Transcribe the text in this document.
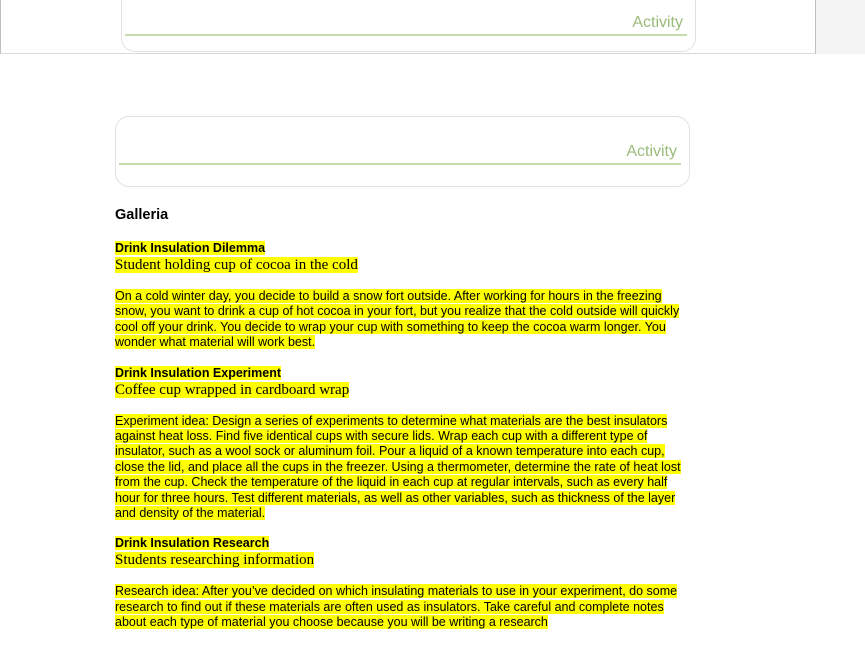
Activity
Activity

Galleria

Drink Insulation Dilemma

Student holding cup of cocoa in the cold

On a cold winter day, you decide to build a snow fort outside. After working for hours in the freezing snow, you want to drink a cup of hot cocoa in your fort, but you realize that the cold outside will quickly cool off your drink. You decide to wrap your cup with something to keep the cocoa warm longer. You wonder what material will work best.

Drink Insulation Experiment

Coffee cup wrapped in cardboard wrap

Experiment idea: Design a series of experiments to determine what materials are the best insulators against heat loss. Find five identical cups with secure lids. Wrap each cup with a different type of insulator, such as a wool sock or aluminum foil. Pour a liquid of a known temperature into each cup, close the lid, and place all the cups in the freezer. Using a thermometer, determine the rate of heat lost from the cup. Check the temperature of the liquid in each cup at regular intervals, such as every half hour for three hours. Test different materials, as well as other variables, such as thickness of the layer and density of the material.

Drink Insulation Research

Students researching information

Research idea: After you’ve decided on which insulating materials to use in your experiment, do some research to find out if these materials are often used as insulators. Take careful and complete notes about each type of material you choose because you will be writing a research
